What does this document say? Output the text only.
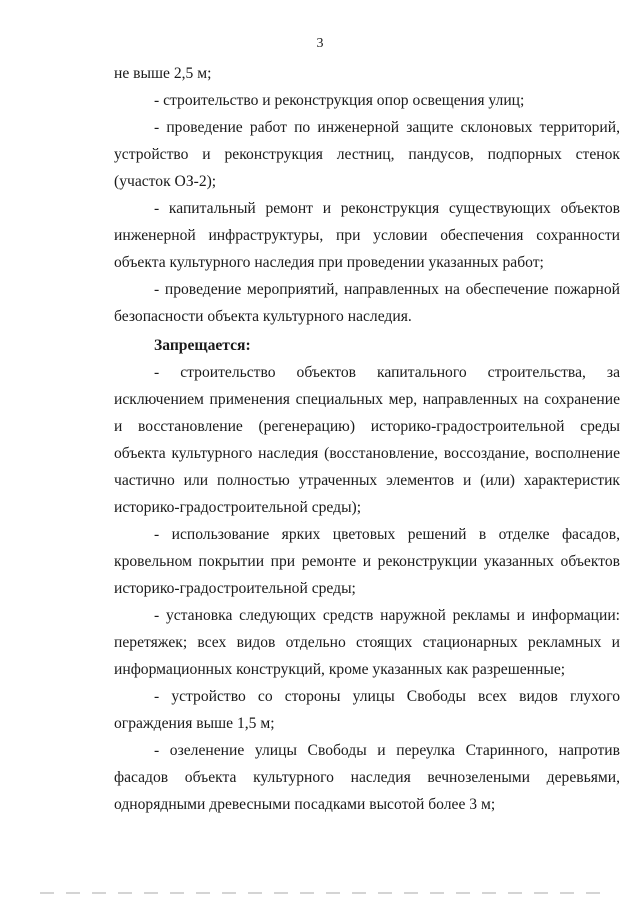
3

не выше 2,5 м;

- строительство и реконструкция опор освещения улиц;

- проведение работ по инженерной защите склоновых территорий, устройство и реконструкция лестниц, пандусов, подпорных стенок (участок ОЗ-2);

- капитальный ремонт и реконструкция существующих объектов инженерной инфраструктуры, при условии обеспечения сохранности объекта культурного наследия при проведении указанных работ;

- проведение мероприятий, направленных на обеспечение пожарной безопасности объекта культурного наследия.

Запрещается:

- строительство объектов капитального строительства, за исключением применения специальных мер, направленных на сохранение и восстановление (регенерацию) историко-градостроительной среды объекта культурного наследия (восстановление, воссоздание, восполнение частично или полностью утраченных элементов и (или) характеристик историко-градостроительной среды);

- использование ярких цветовых решений в отделке фасадов, кровельном покрытии при ремонте и реконструкции указанных объектов историко-градостроительной среды;

- установка следующих средств наружной рекламы и информации: перетяжек; всех видов отдельно стоящих стационарных рекламных и информационных конструкций, кроме указанных как разрешенные;

- устройство со стороны улицы Свободы всех видов глухого ограждения выше 1,5 м;

- озеленение улицы Свободы и переулка Старинного, напротив фасадов объекта культурного наследия вечнозелеными деревьями, однорядными древесными посадками высотой более 3 м;
